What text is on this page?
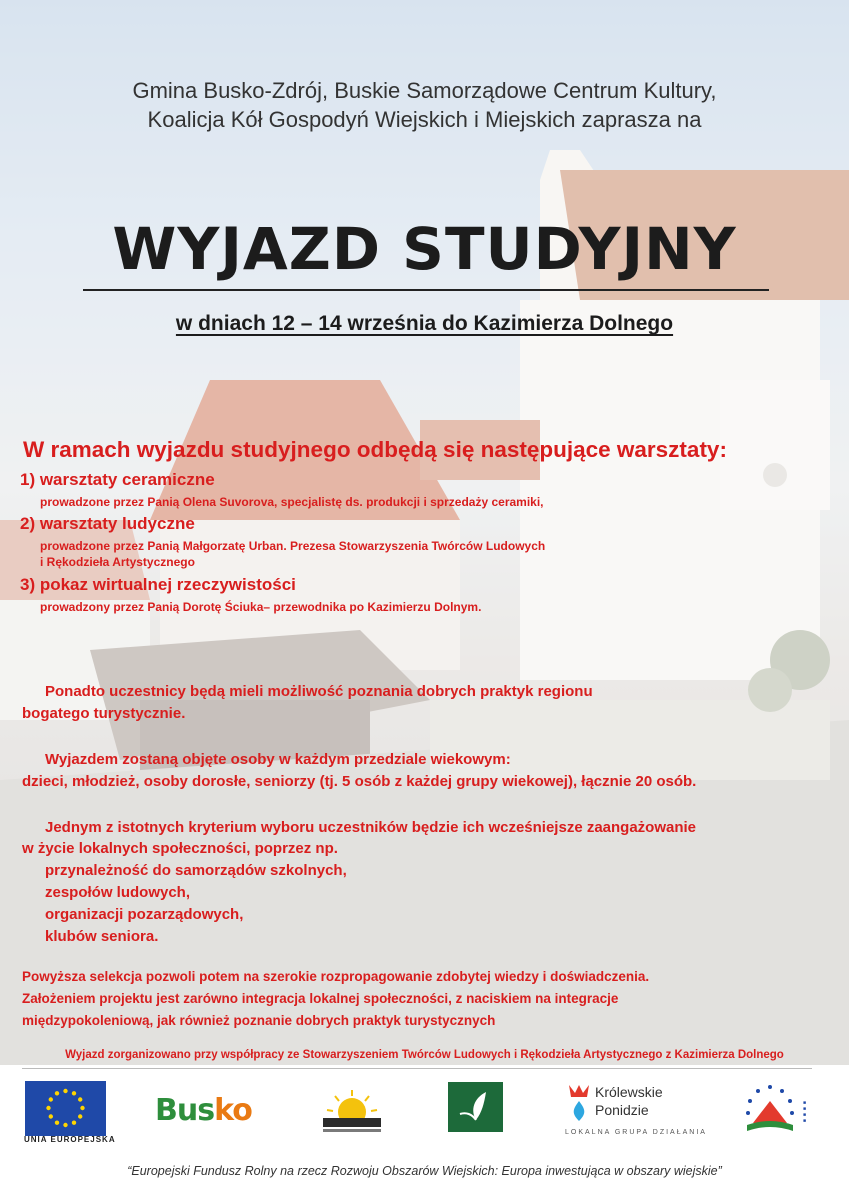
Gmina Busko-Zdrój, Buskie Samorządowe Centrum Kultury,
Koalicja Kół Gospodyń Wiejskich i Miejskich zaprasza na
WYJAZD STUDYJNY
w dniach 12 – 14 września do Kazimierza Dolnego
W ramach wyjazdu studyjnego odbędą się następujące warsztaty:
1) warsztaty ceramiczne
prowadzone przez Panią Olena Suvorova, specjalistę ds. produkcji i sprzedaży ceramiki,
2) warsztaty ludyczne
prowadzone przez Panią Małgorzatę Urban. Prezesa Stowarzyszenia Twórców Ludowych
i Rękodzieła Artystycznego
3) pokaz wirtualnej rzeczywistości
prowadzony przez Panią Dorotę Ściuka– przewodnika po Kazimierzu Dolnym.
Ponadto uczestnicy będą mieli możliwość poznania dobrych praktyk regionu
bogatego turystycznie.
Wyjazdem zostaną objęte osoby w każdym przedziale wiekowym:
dzieci, młodzież, osoby dorosłe, seniorzy (tj. 5 osób z każdej grupy wiekowej), łącznie 20 osób.
Jednym z istotnych kryterium wyboru uczestników będzie ich wcześniejsze zaangażowanie
w życie lokalnych społeczności, poprzez np.
przynależność do samorządów szkolnych,
zespołów ludowych,
organizacji pozarządowych,
klubów seniora.
Powyższa selekcja pozwoli potem na szerokie rozpropagowanie zdobytej wiedzy i doświadczenia.
Założeniem projektu jest zarówno integracja lokalnej społeczności, z naciskiem na integracje
międzypokoleniową, jak również poznanie dobrych praktyk turystycznych
Wyjazd zorganizowano przy współpracy ze Stowarzyszeniem Twórców Ludowych i Rękodzieła Artystycznego z Kazimierza Dolnego
UNIA EUROPEJSKA
Busko
Królewskie
Ponidzie
LOKALNA GRUPA DZIAŁANIA
■
■
■
■
“Europejski Fundusz Rolny na rzecz Rozwoju Obszarów Wiejskich: Europa inwestująca w obszary wiejskie”
